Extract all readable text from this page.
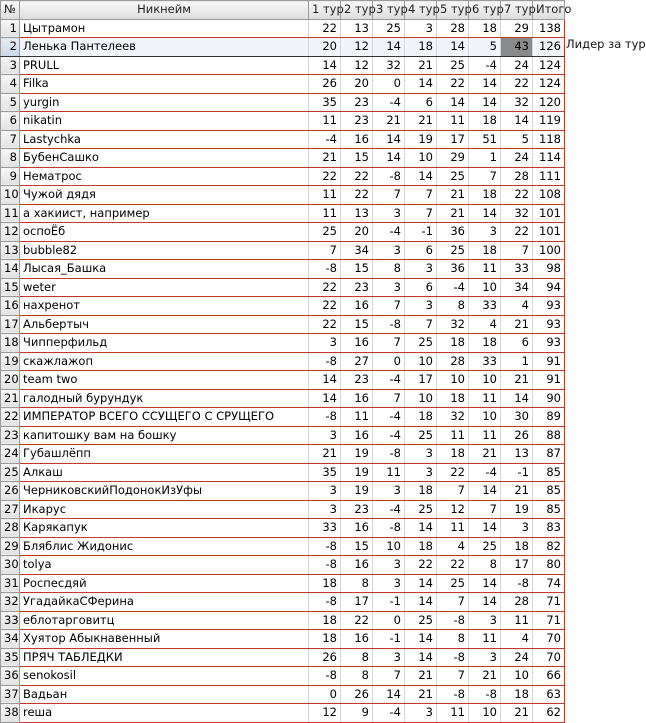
№	Никнейм	1 тур	2 тур	3 тур	4 тур	5 тур	6 тур	7 тур	Итого
1	Цытрамон	22	13	25	3	28	18	29	138
2	Ленька Пантелеев	20	12	14	18	14	5	43	126
3	PRULL	14	12	32	21	25	-4	24	124
4	Filka	26	20	0	14	22	14	22	124
5	yurgin	35	23	-4	6	14	14	32	120
6	nikatin	11	23	21	21	11	18	14	119
7	Lastychka	-4	16	14	19	17	51	5	118
8	БубенСашко	21	15	14	10	29	1	24	114
9	Нематрос	22	22	-8	14	25	7	28	111
10	Чужой дядя	11	22	7	7	21	18	22	108
11	а хакиист, например	11	13	3	7	21	14	32	101
12	оспоЁб	25	20	-4	-1	36	3	22	101
13	bubble82	7	34	3	6	25	18	7	100
14	Лысая_Башка	-8	15	8	3	36	11	33	98
15	weter	22	23	3	6	-4	10	34	94
16	нахренот	22	16	7	3	8	33	4	93
17	Альбертыч	22	15	-8	7	32	4	21	93
18	Чипперфильд	3	16	7	25	18	18	6	93
19	скажлажоп	-8	27	0	10	28	33	1	91
20	team two	14	23	-4	17	10	10	21	91
21	галодный бурундук	14	16	7	10	18	11	14	90
22	ИМПЕРАТОР ВСЕГО ССУЩЕГО С СРУЩЕГО	-8	11	-4	18	32	10	30	89
23	капитошку вам на бошку	3	16	-4	25	11	11	26	88
24	Губашлёпп	21	19	-8	3	18	21	13	87
25	Алкаш	35	19	11	3	22	-4	-1	85
26	ЧерниковскийПодонокИзУфы	3	19	3	18	7	14	21	85
27	Икарус	3	23	-4	25	12	7	19	85
28	Карякапук	33	16	-8	14	11	14	3	83
29	Бляблис Жидонис	-8	15	10	18	4	25	18	82
30	tolya	-8	16	3	22	22	8	17	80
31	Роспесдяй	18	8	3	14	25	14	-8	74
32	УгадайкаСФерина	-8	17	-1	14	7	14	28	71
33	еблотарговитц	18	22	0	25	-8	3	11	71
34	Хуятор Абыкнавенный	18	16	-1	14	8	11	4	70
35	ПРЯЧ ТАБЛЕДКИ	26	8	3	14	-8	3	24	70
36	senokosil	-8	8	7	21	7	21	10	66
37	Вадьан	0	26	14	21	-8	-8	18	63
38	reша	12	9	-4	3	11	10	21	62
Лидер за тур
